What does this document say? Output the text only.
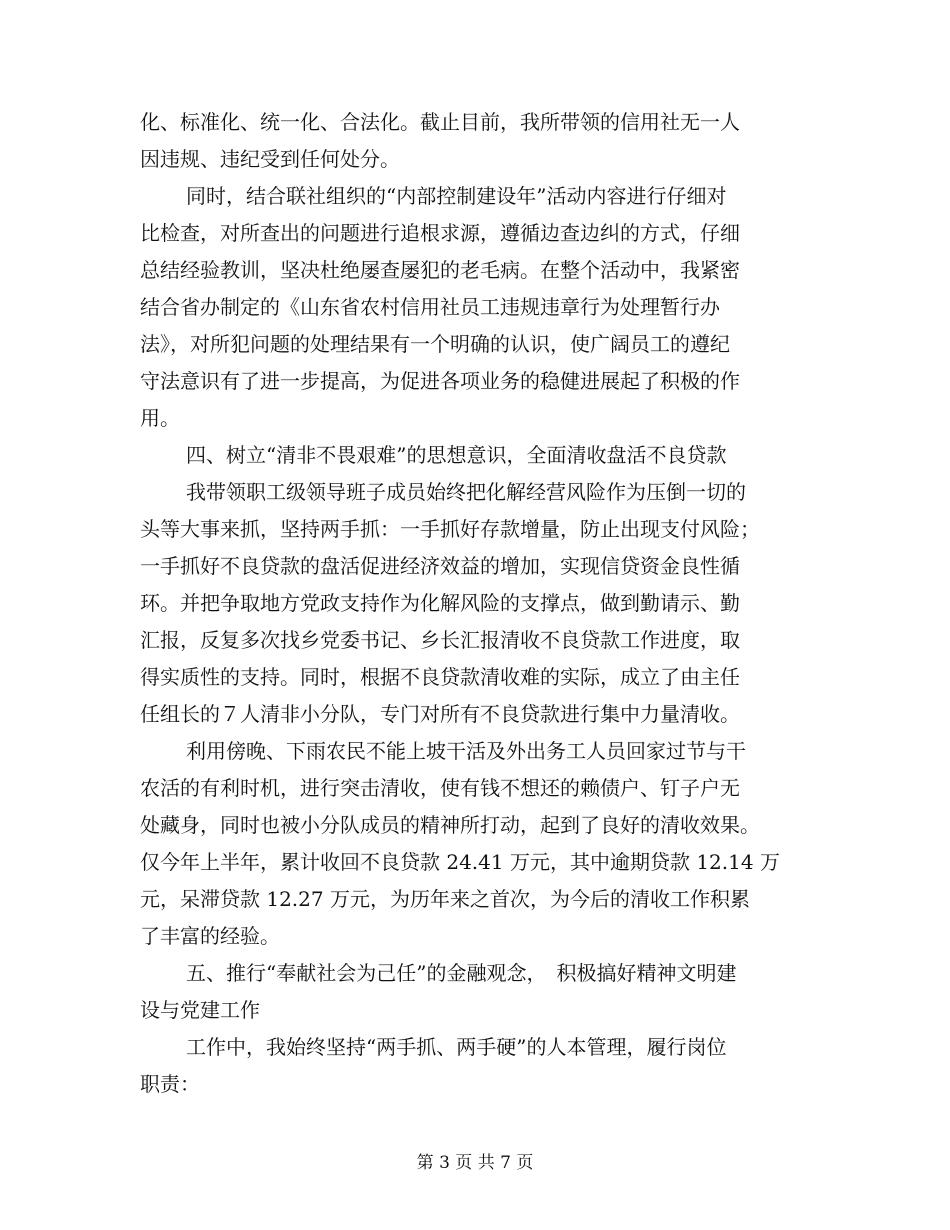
化、标准化、统一化、合法化。截止目前，我所带领的信用社无一人
因违规、违纪受到任何处分。
同时，结合联社组织的“内部控制建设年”活动内容进行仔细对
比检查，对所查出的问题进行追根求源，遵循边查边纠的方式，仔细
总结经验教训，坚决杜绝屡查屡犯的老毛病。在整个活动中，我紧密
结合省办制定的《山东省农村信用社员工违规违章行为处理暂行办
法》，对所犯问题的处理结果有一个明确的认识，使广阔员工的遵纪
守法意识有了进一步提高，为促进各项业务的稳健进展起了积极的作
用。
四、树立“清非不畏艰难”的思想意识，全面清收盘活不良贷款
我带领职工级领导班子成员始终把化解经营风险作为压倒一切的
头等大事来抓，坚持两手抓：一手抓好存款增量，防止出现支付风险；
一手抓好不良贷款的盘活促进经济效益的增加，实现信贷资金良性循
环。并把争取地方党政支持作为化解风险的支撑点，做到勤请示、勤
汇报，反复多次找乡党委书记、乡长汇报清收不良贷款工作进度，取
得实质性的支持。同时，根据不良贷款清收难的实际，成立了由主任
任组长的７人清非小分队，专门对所有不良贷款进行集中力量清收。
利用傍晚、下雨农民不能上坡干活及外出务工人员回家过节与干
农活的有利时机，进行突击清收，使有钱不想还的赖债户、钉子户无
处藏身，同时也被小分队成员的精神所打动，起到了良好的清收效果。
仅今年上半年，累计收回不良贷款 24.41 万元，其中逾期贷款 12.14 万
元，呆滞贷款 12.27 万元，为历年来之首次，为今后的清收工作积累
了丰富的经验。
五、推行“奉献社会为己任”的金融观念，　积极搞好精神文明建
设与党建工作
工作中，我始终坚持“两手抓、两手硬”的人本管理，履行岗位
职责：
第 3 页 共 7 页
